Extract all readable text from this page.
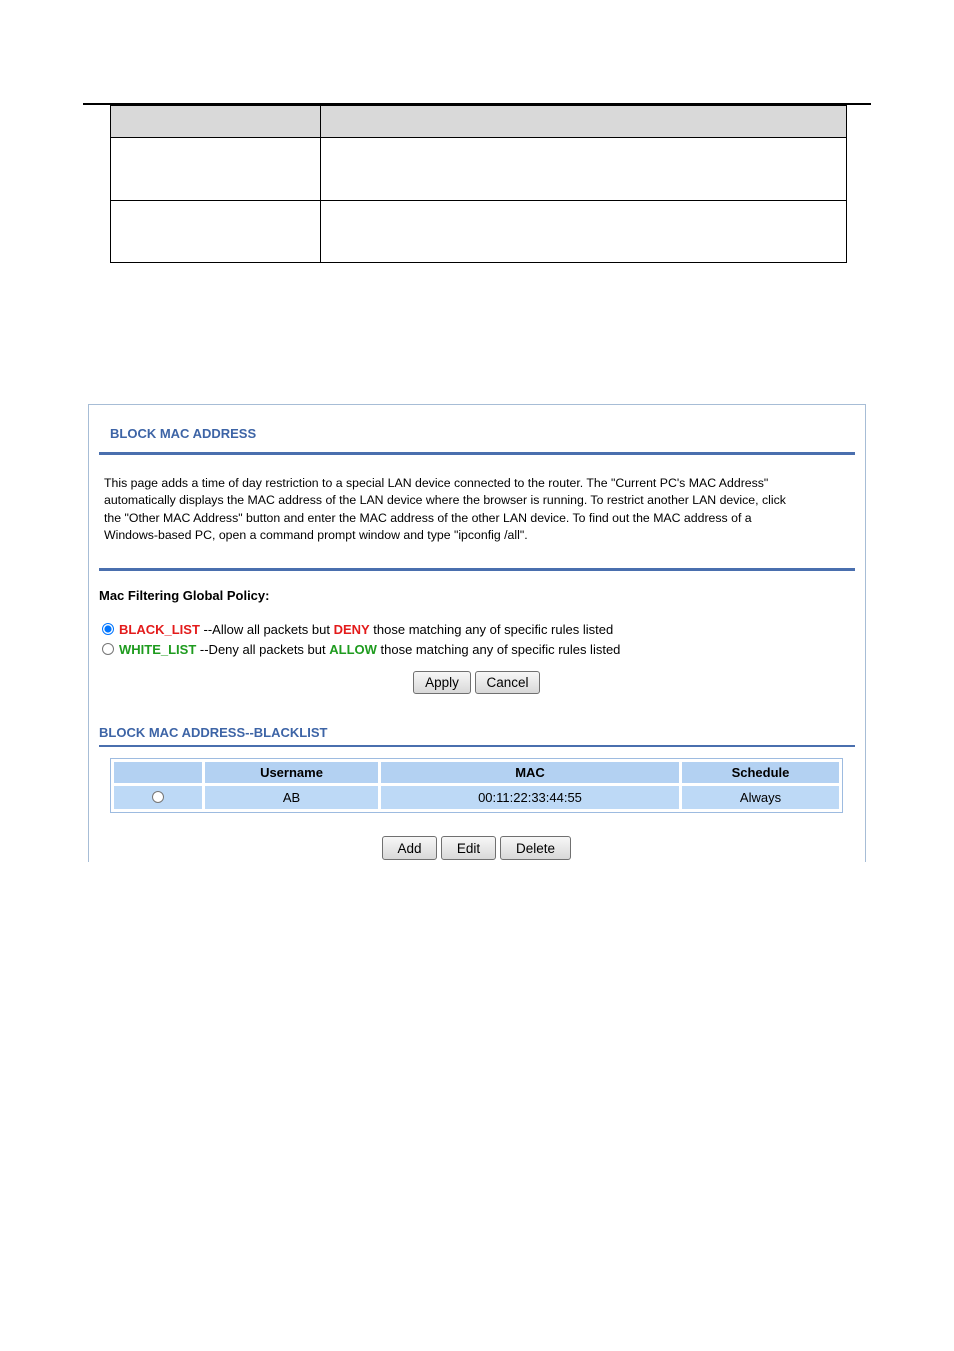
BLOCK MAC ADDRESS
This page adds a time of day restriction to a special LAN device connected to the router. The "Current PC's MAC Address"
automatically displays the MAC address of the LAN device where the browser is running. To restrict another LAN device, click
the "Other MAC Address" button and enter the MAC address of the other LAN device. To find out the MAC address of a
Windows-based PC, open a command prompt window and type "ipconfig /all".
Mac Filtering Global Policy:
BLACK_LIST --Allow all packets but DENY those matching any of specific rules listed
WHITE_LIST --Deny all packets but ALLOW those matching any of specific rules listed
Apply	Cancel
BLOCK MAC ADDRESS--BLACKLIST
	Username	MAC	Schedule
	AB	00:11:22:33:44:55	Always
Add	Edit	Delete
